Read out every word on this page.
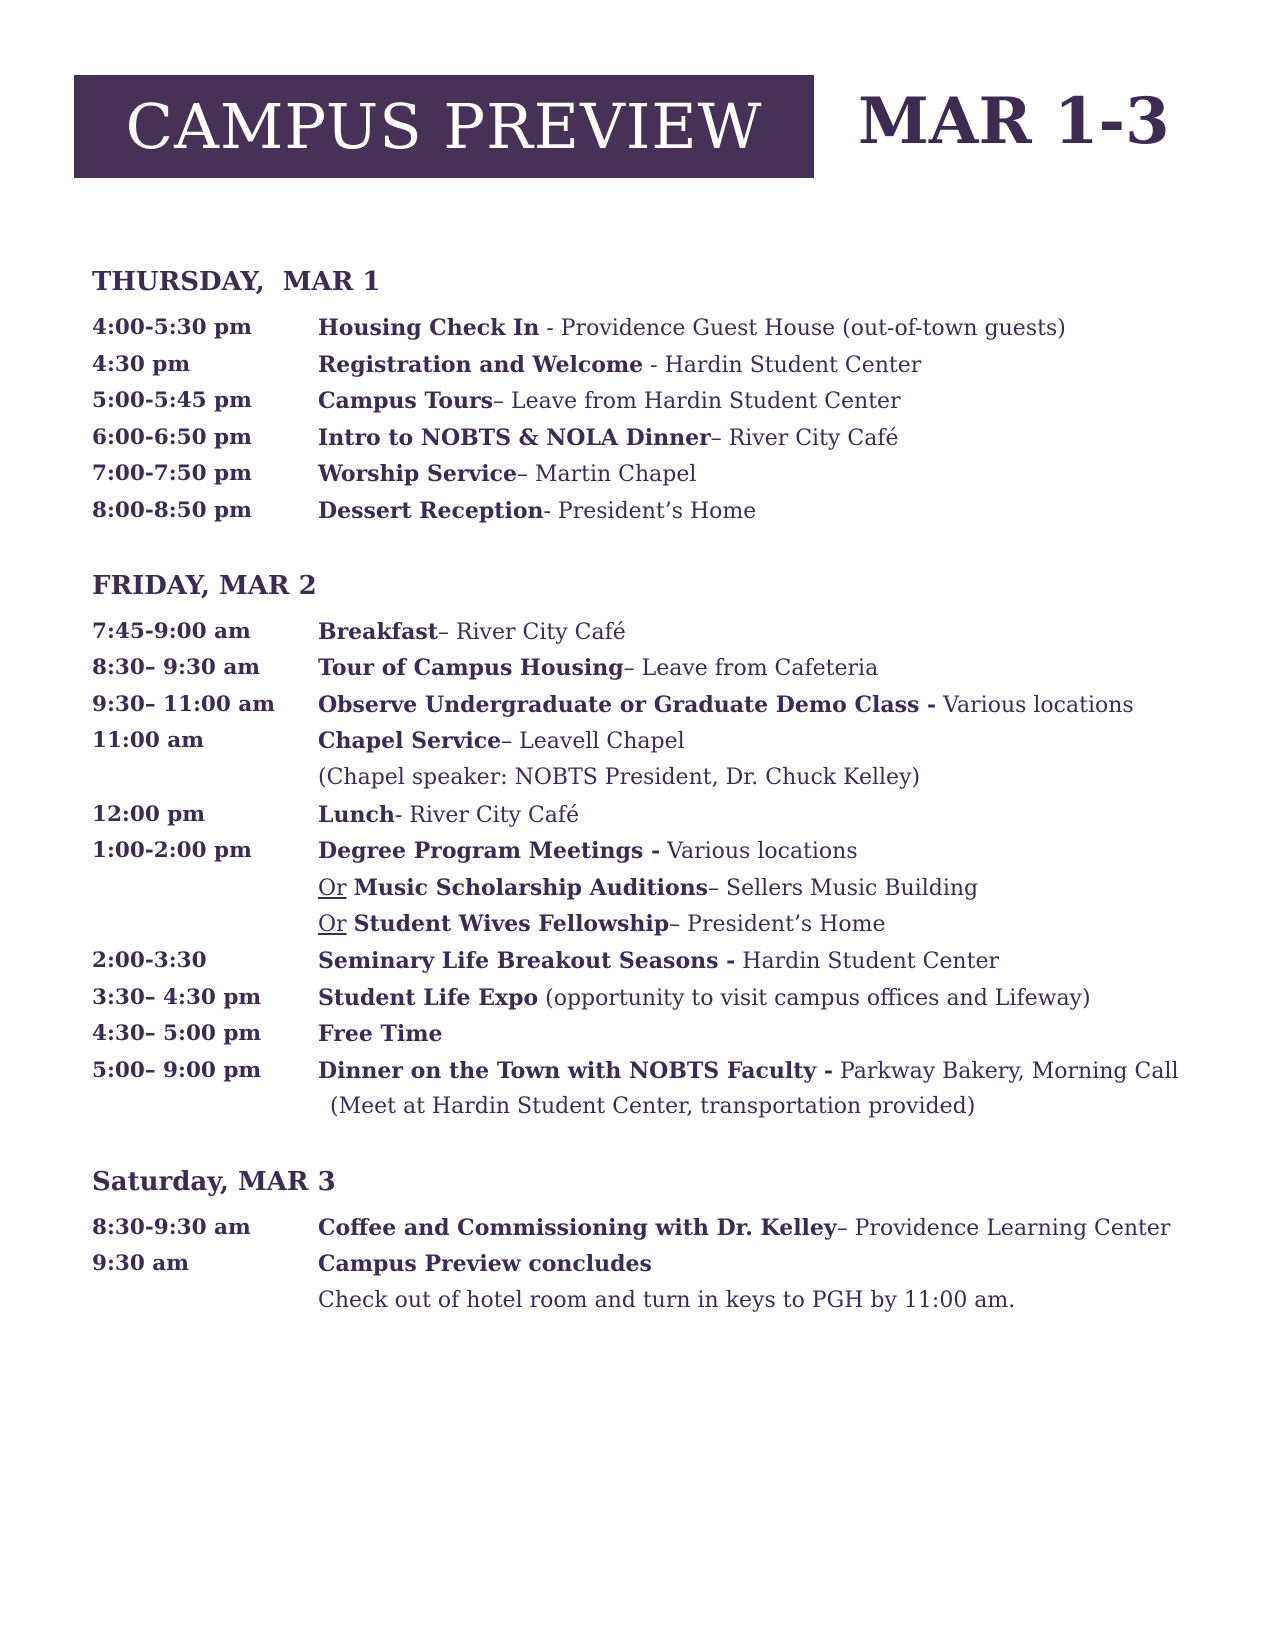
CAMPUS PREVIEW MAR 1-3
THURSDAY,  MAR 1
4:00-5:30 pm	Housing Check In - Providence Guest House (out-of-town guests)
4:30 pm	Registration and Welcome - Hardin Student Center
5:00-5:45 pm	Campus Tours– Leave from Hardin Student Center
6:00-6:50 pm	Intro to NOBTS & NOLA Dinner– River City Café
7:00-7:50 pm	Worship Service– Martin Chapel
8:00-8:50 pm	Dessert Reception- President’s Home
FRIDAY, MAR 2
7:45-9:00 am	Breakfast– River City Café
8:30– 9:30 am	Tour of Campus Housing– Leave from Cafeteria
9:30– 11:00 am	Observe Undergraduate or Graduate Demo Class - Various locations
11:00 am	Chapel Service– Leavell Chapel
(Chapel speaker: NOBTS President, Dr. Chuck Kelley)
12:00 pm	Lunch- River City Café
1:00-2:00 pm	Degree Program Meetings - Various locations
Or Music Scholarship Auditions– Sellers Music Building
Or Student Wives Fellowship– President’s Home
2:00-3:30	Seminary Life Breakout Seasons - Hardin Student Center
3:30– 4:30 pm	Student Life Expo (opportunity to visit campus offices and Lifeway)
4:30– 5:00 pm	Free Time
5:00– 9:00 pm	Dinner on the Town with NOBTS Faculty - Parkway Bakery, Morning Call
(Meet at Hardin Student Center, transportation provided)
Saturday, MAR 3
8:30-9:30 am	Coffee and Commissioning with Dr. Kelley– Providence Learning Center
9:30 am	Campus Preview concludes
Check out of hotel room and turn in keys to PGH by 11:00 am.
